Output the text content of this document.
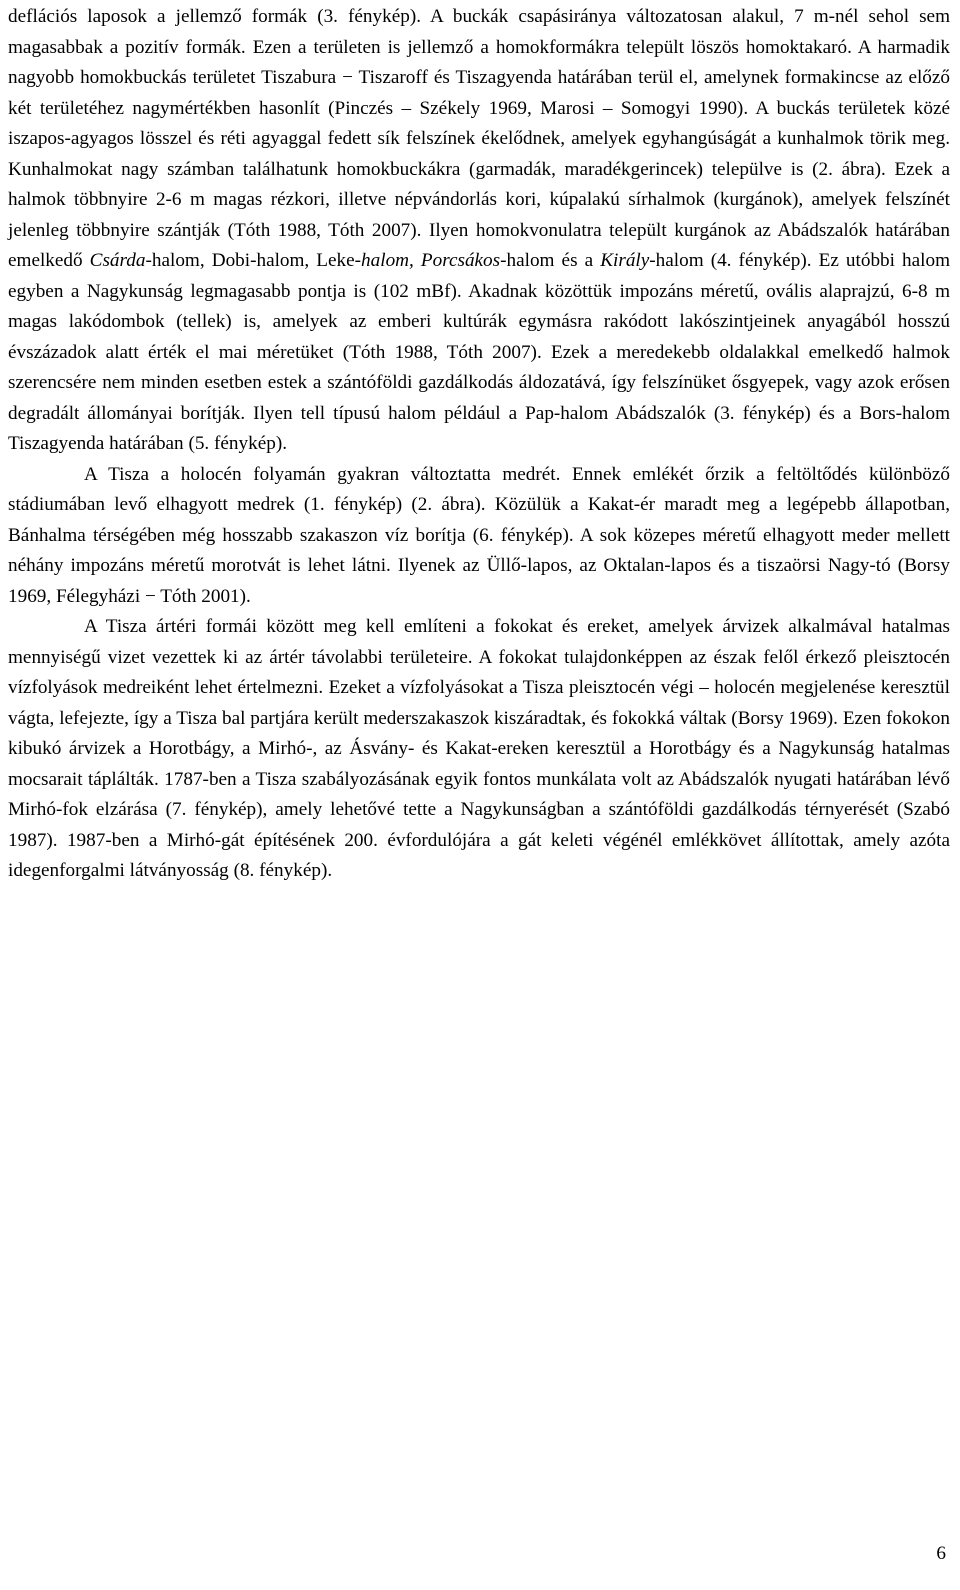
deflációs laposok a jellemző formák (3. fénykép). A buckák csapásiránya változatosan alakul, 7 m-nél sehol sem magasabbak a pozitív formák. Ezen a területen is jellemző a homokformákra települt löszös homoktakaró. A harmadik nagyobb homokbuckás területet Tiszabura − Tiszaroff és Tiszagyenda határában terül el, amelynek formakincse az előző két területéhez nagymértékben hasonlít (Pinczés – Székely 1969, Marosi – Somogyi 1990). A buckás területek közé iszapos-agyagos lösszel és réti agyaggal fedett sík felszínek ékelődnek, amelyek egyhangúságát a kunhalmok törik meg. Kunhalmokat nagy számban találhatunk homokbuckákra (garmadák, maradékgerincek) települve is (2. ábra). Ezek a halmok többnyire 2-6 m magas rézkori, illetve népvándorlás kori, kúpalakú sírhalmok (kurgánok), amelyek felszínét jelenleg többnyire szántják (Tóth 1988, Tóth 2007). Ilyen homokvonulatra települt kurgánok az Abádszalók határában emelkedő Csárda-halom, Dobi-halom, Leke-halom, Porcsákos-halom és a Király-halom (4. fénykép). Ez utóbbi halom egyben a Nagykunság legmagasabb pontja is (102 mBf). Akadnak közöttük impozáns méretű, ovális alaprajzú, 6-8 m magas lakódombok (tellek) is, amelyek az emberi kultúrák egymásra rakódott lakószintjeinek anyagából hosszú évszázadok alatt érték el mai méretüket (Tóth 1988, Tóth 2007). Ezek a meredekebb oldalakkal emelkedő halmok szerencsére nem minden esetben estek a szántóföldi gazdálkodás áldozatává, így felszínüket ősgyepek, vagy azok erősen degradált állományai borítják. Ilyen tell típusú halom például a Pap-halom Abádszalók (3. fénykép) és a Bors-halom Tiszagyenda határában (5. fénykép).

A Tisza a holocén folyamán gyakran változtatta medrét. Ennek emlékét őrzik a feltöltődés különböző stádiumában levő elhagyott medrek (1. fénykép) (2. ábra). Közülük a Kakat-ér maradt meg a legépebb állapotban, Bánhalma térségében még hosszabb szakaszon víz borítja (6. fénykép). A sok közepes méretű elhagyott meder mellett néhány impozáns méretű morotvát is lehet látni. Ilyenek az Üllő-lapos, az Oktalan-lapos és a tiszaörsi Nagy-tó (Borsy 1969, Félegyházi − Tóth 2001).

A Tisza ártéri formái között meg kell említeni a fokokat és ereket, amelyek árvizek alkalmával hatalmas mennyiségű vizet vezettek ki az ártér távolabbi területeire. A fokokat tulajdonképpen az észak felől érkező pleisztocén vízfolyások medreiként lehet értelmezni. Ezeket a vízfolyásokat a Tisza pleisztocén végi – holocén megjelenése keresztül vágta, lefejezte, így a Tisza bal partjára került mederszakaszok kiszáradtak, és fokokká váltak (Borsy 1969). Ezen fokokon kibukó árvizek a Horotbágy, a Mirhó-, az Ásvány- és Kakat-ereken keresztül a Horotbágy és a Nagykunság hatalmas mocsarait táplálták. 1787-ben a Tisza szabályozásának egyik fontos munkálata volt az Abádszalók nyugati határában lévő Mirhó-fok elzárása (7. fénykép), amely lehetővé tette a Nagykunságban a szántóföldi gazdálkodás térnyerését (Szabó 1987). 1987-ben a Mirhó-gát építésének 200. évfordulójára a gát keleti végénél emlékkövet állítottak, amely azóta idegenforgalmi látványosság (8. fénykép).

6
